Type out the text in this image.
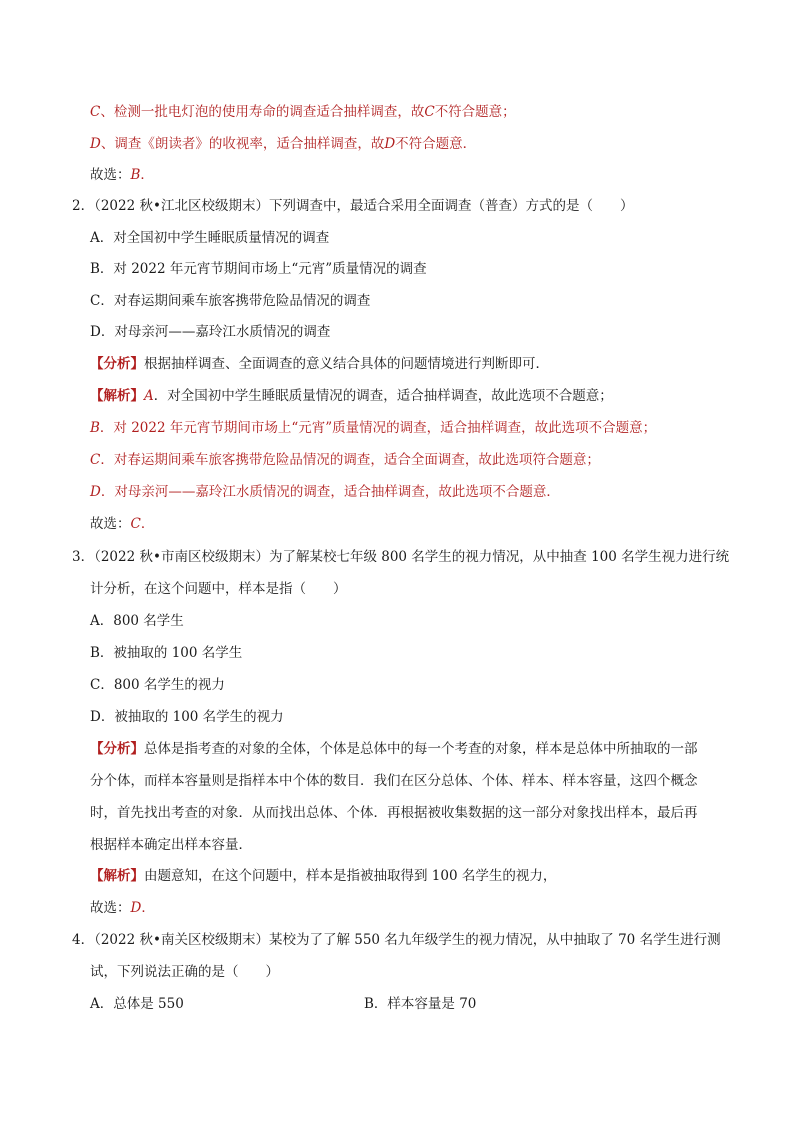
C、检测一批电灯泡的使用寿命的调查适合抽样调查，故C不符合题意；
D、调查《朗读者》的收视率，适合抽样调查，故D不符合题意．
故选：B．
2．（2022 秋•江北区校级期末）下列调查中，最适合采用全面调查（普查）方式的是（　　）
A．对全国初中学生睡眠质量情况的调查
B．对 2022 年元宵节期间市场上“元宵”质量情况的调查
C．对春运期间乘车旅客携带危险品情况的调查
D．对母亲河——嘉玲江水质情况的调查
【分析】根据抽样调查、全面调查的意义结合具体的问题情境进行判断即可．
【解析】A．对全国初中学生睡眠质量情况的调查，适合抽样调查，故此选项不合题意；
B．对 2022 年元宵节期间市场上“元宵”质量情况的调查，适合抽样调查，故此选项不合题意；
C．对春运期间乘车旅客携带危险品情况的调查，适合全面调查，故此选项符合题意；
D．对母亲河——嘉玲江水质情况的调查，适合抽样调查，故此选项不合题意．
故选：C．
3．（2022 秋•市南区校级期末）为了解某校七年级 800 名学生的视力情况，从中抽查 100 名学生视力进行统
计分析，在这个问题中，样本是指（　　）
A．800 名学生
B．被抽取的 100 名学生
C．800 名学生的视力
D．被抽取的 100 名学生的视力
【分析】总体是指考查的对象的全体，个体是总体中的每一个考查的对象，样本是总体中所抽取的一部
分个体，而样本容量则是指样本中个体的数目．我们在区分总体、个体、样本、样本容量，这四个概念
时，首先找出考查的对象．从而找出总体、个体．再根据被收集数据的这一部分对象找出样本，最后再
根据样本确定出样本容量．
【解析】由题意知，在这个问题中，样本是指被抽取得到 100 名学生的视力，
故选：D．
4．（2022 秋•南关区校级期末）某校为了了解 550 名九年级学生的视力情况，从中抽取了 70 名学生进行测
试，下列说法正确的是（　　）
A．总体是 550	B．样本容量是 70
